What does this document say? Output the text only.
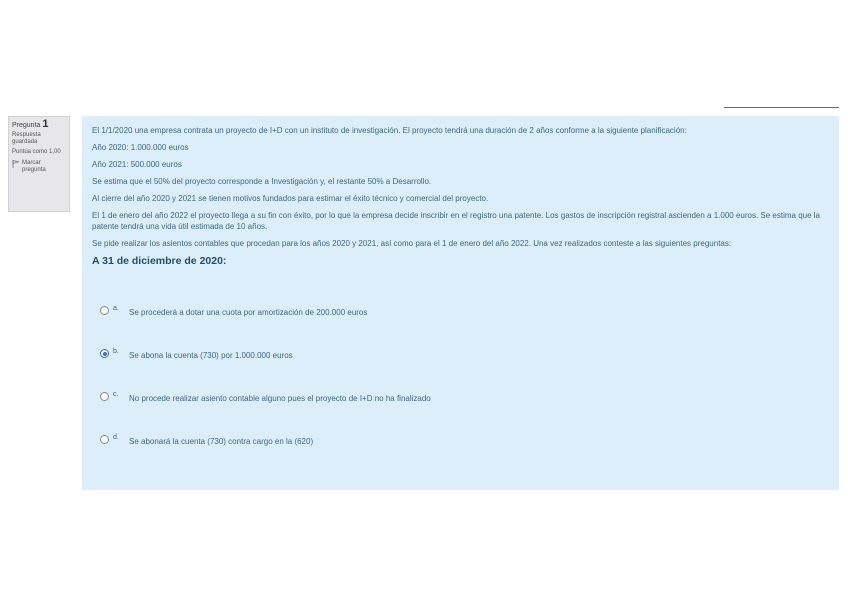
Pregunta 1
Respuesta guardada
Puntúa como 1,00
Marcar pregunta

El 1/1/2020 una empresa contrata un proyecto de I+D con un instituto de investigación. El proyecto tendrá una duración de 2 años conforme a la siguiente planificación:

Año 2020: 1.000.000 euros

Año 2021: 500.000 euros

Se estima que el 50% del proyecto corresponde a Investigación y, el restante 50% a Desarrollo.

Al cierre del año 2020 y 2021 se tienen motivos fundados para estimar el éxito técnico y comercial del proyecto.

El 1 de enero del año 2022 el proyecto llega a su fin con éxito, por lo que la empresa decide inscribir en el registro una patente. Los gastos de inscripción registral ascienden a 1.000 euros. Se estima que la patente tendrá una vida útil estimada de 10 años.

Se pide realizar los asientos contables que procedan para los años 2020 y 2021, así como para el 1 de enero del año 2022. Una vez realizados conteste a las siguientes preguntas:

A 31 de diciembre de 2020:
a.	Se procederá a dotar una cuota por amortización de 200.000 euros
b.	Se abona la cuenta (730) por 1.000.000 euros
c.	No procede realizar asiento contable alguno pues el proyecto de I+D no ha finalizado
d.	Se abonará la cuenta (730) contra cargo en la (620)
